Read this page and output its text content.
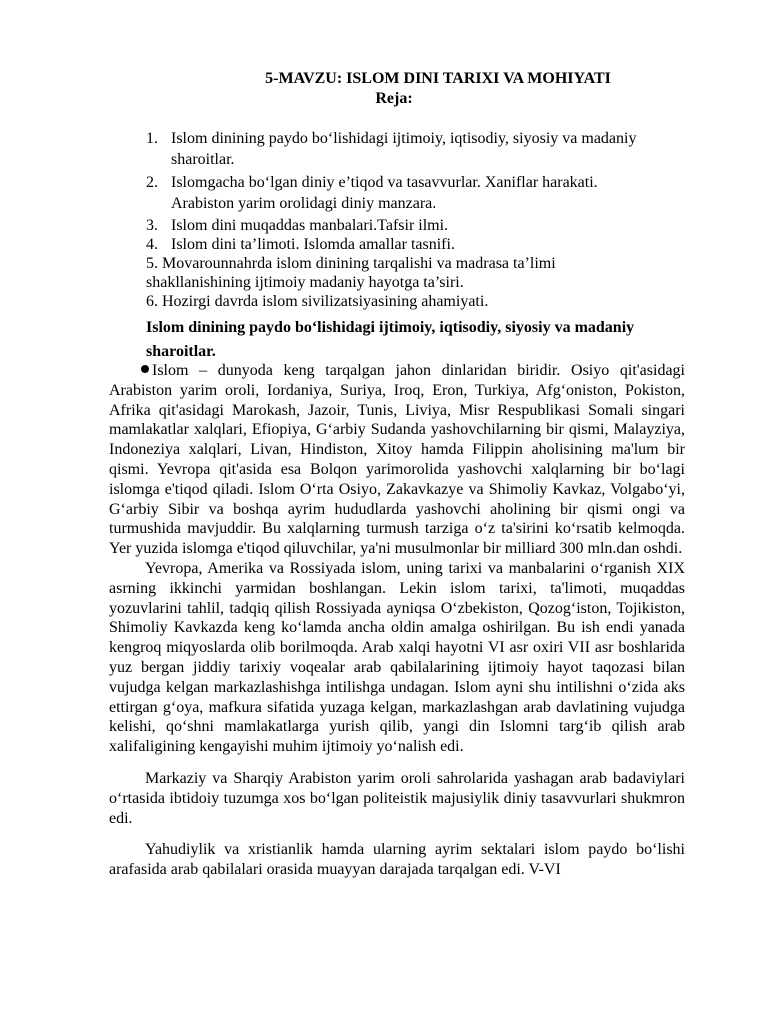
5-MAVZU: ISLOM DINI TARIXI VA MOHIYATI
Reja:
1. Islom dinining paydo bo‘lishidagi ijtimoiy, iqtisodiy, siyosiy va madaniy sharoitlar.
2. Islomgacha bo‘lgan diniy e’tiqod va tasavvurlar. Xaniflar harakati. Arabiston yarim orolidagi diniy manzara.
3. Islom dini muqaddas manbalari.Tafsir ilmi.
4. Islom dini ta’limoti. Islomda amallar tasnifi.
5. Movarounnahrda islom dinining tarqalishi va madrasa ta’limi shakllanishining ijtimoiy madaniy hayotga ta’siri.
6. Hozirgi davrda islom sivilizatsiyasining ahamiyati.
Islom dinining paydo bo‘lishidagi ijtimoiy, iqtisodiy, siyosiy va madaniy sharoitlar.

Islom – dunyoda keng tarqalgan jahon dinlaridan biridir. Osiyo qit'asidagi Arabiston yarim oroli, Iordaniya, Suriya, Iroq, Eron, Turkiya, Afg‘oniston, Pokiston, Afrika qit'asidagi Marokash, Jazoir, Tunis, Liviya, Misr Respublikasi Somali singari mamlakatlar xalqlari, Efiopiya, G‘arbiy Sudanda yashovchilarning bir qismi, Malayziya, Indoneziya xalqlari, Livan, Hindiston, Xitoy hamda Filippin aholisining ma'lum bir qismi. Yevropa qit'asida esa Bolqon yarimorolida yashovchi xalqlarning bir bo‘lagi islomga e'tiqod qiladi. Islom O‘rta Osiyo, Zakavkazye va Shimoliy Kavkaz, Volgabo‘yi, G‘arbiy Sibir va boshqa ayrim hududlarda yashovchi aholining bir qismi ongi va turmushida mavjuddir. Bu xalqlarning turmush tarziga o‘z ta'sirini ko‘rsatib kelmoqda. Yer yuzida islomga e'tiqod qiluvchilar, ya'ni musulmonlar bir milliard 300 mln.dan oshdi.

Yevropa, Amerika va Rossiyada islom, uning tarixi va manbalarini o‘rganish XIX asrning ikkinchi yarmidan boshlangan. Lekin islom tarixi, ta'limoti, muqaddas yozuvlarini tahlil, tadqiq qilish Rossiyada ayniqsa O‘zbekiston, Qozog‘iston, Tojikiston, Shimoliy Kavkazda keng ko‘lamda ancha oldin amalga oshirilgan. Bu ish endi yanada kengroq miqyoslarda olib borilmoqda. Arab xalqi hayotni VI asr oxiri VII asr boshlarida yuz bergan jiddiy tarixiy voqealar arab qabilalarining ijtimoiy hayot taqozasi bilan vujudga kelgan markazlashishga intilishga undagan. Islom ayni shu intilishni o‘zida aks ettirgan g‘oya, mafkura sifatida yuzaga kelgan, markazlashgan arab davlatining vujudga kelishi, qo‘shni mamlakatlarga yurish qilib, yangi din Islomni targ‘ib qilish arab xalifaligining kengayishi muhim ijtimoiy yo‘nalish edi.

Markaziy va Sharqiy Arabiston yarim oroli sahrolarida yashagan arab badaviylari o‘rtasida ibtidoiy tuzumga xos bo‘lgan politeistik majusiylik diniy tasavvurlari shukmron edi.

Yahudiylik va xristianlik hamda ularning ayrim sektalari islom paydo bo‘lishi arafasida arab qabilalari orasida muayyan darajada tarqalgan edi. V-VI
